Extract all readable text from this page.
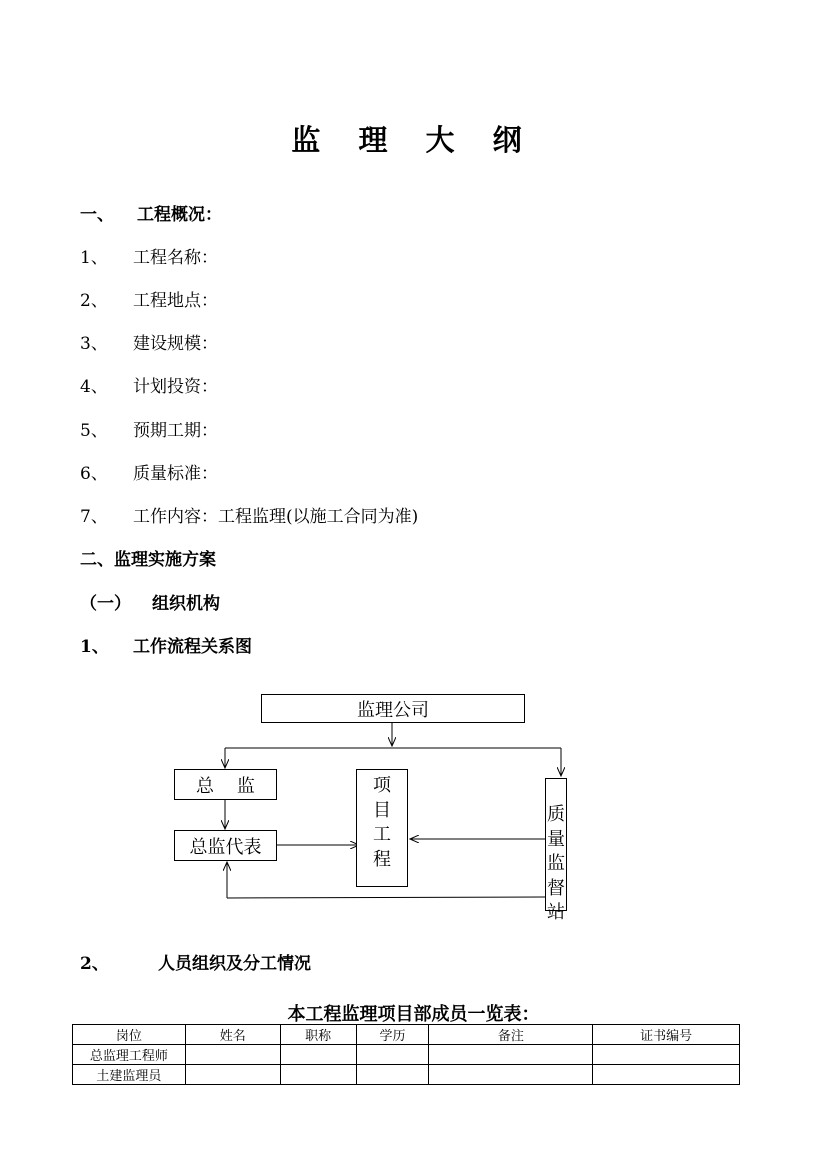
监 理 大 纲
一、 工程概况：
1、 工程名称：
2、 工程地点：
3、 建设规模：
4、 计划投资：
5、 预期工期：
6、 质量标准：
7、 工作内容：工程监理(以施工合同为准)
二、监理实施方案
（一） 组织机构
1、 工作流程关系图
监理公司
总    监
总监代表
项
目
工
程
质
量
监
督
站
2、	人员组织及分工情况
本工程监理项目部成员一览表：
岗位	姓名	职称	学历	备注	证书编号
总监理工程师					
土建监理员					
